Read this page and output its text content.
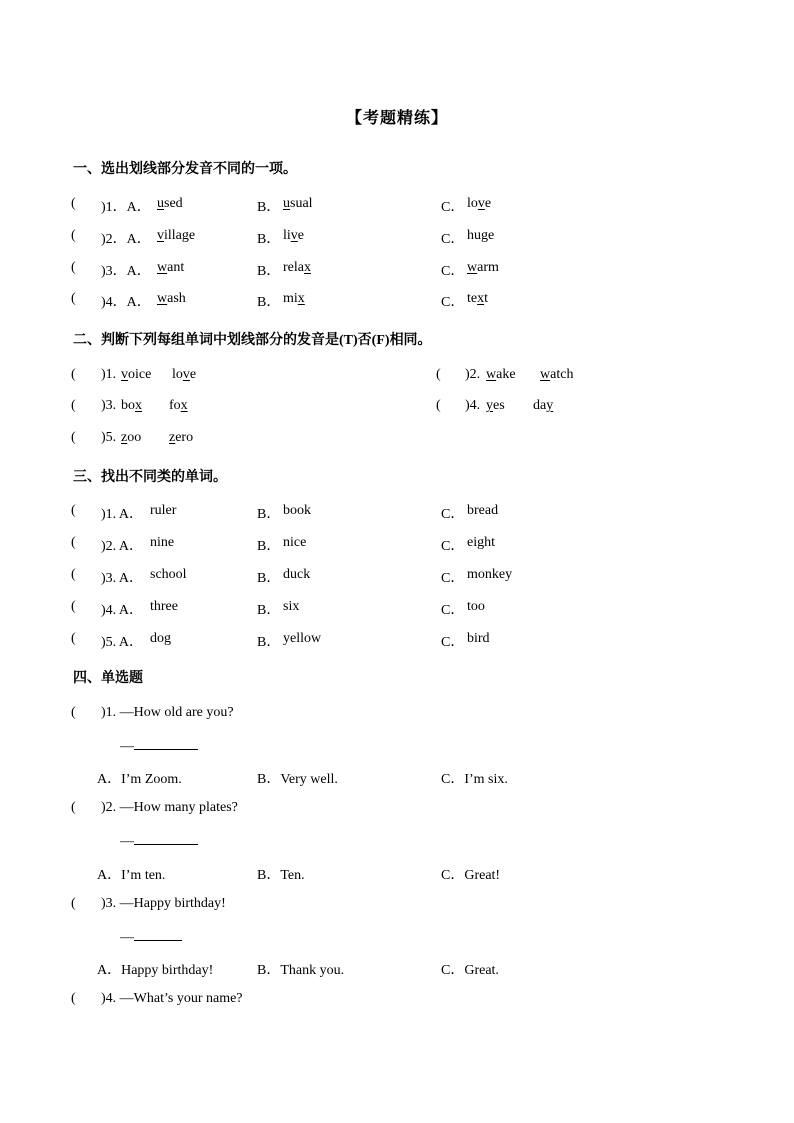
【考题精练】
一、选出划线部分发音不同的一项。
( )1．A． used	B． usual	C． love
( )2．A． village	B． live	C． huge
( )3．A． want	B． relax	C． warm
( )4．A． wash	B． mix	C． text
二、判断下列每组单词中划线部分的发音是(T)否(F)相同。
( )1. voice love	( )2. wake watch
( )3. box fox	( )4. yes day
( )5. zoo zero
三、找出不同类的单词。
( )1. A． ruler	B． book	C． bread
( )2. A． nine	B． nice	C． eight
( )3. A． school	B． duck	C． monkey
( )4. A． three	B． six	C． too
( )5. A． dog	B． yellow	C． bird
四、单选题
( )1. —How old are you?
—
A．I’m Zoom.	B．Very well.	C．I’m six.
( )2. —How many plates?
—
A．I’m ten.	B．Ten.	C．Great!
( )3. —Happy birthday!
—
A．Happy birthday!	B．Thank you.	C．Great.
( )4. —What’s your name?
